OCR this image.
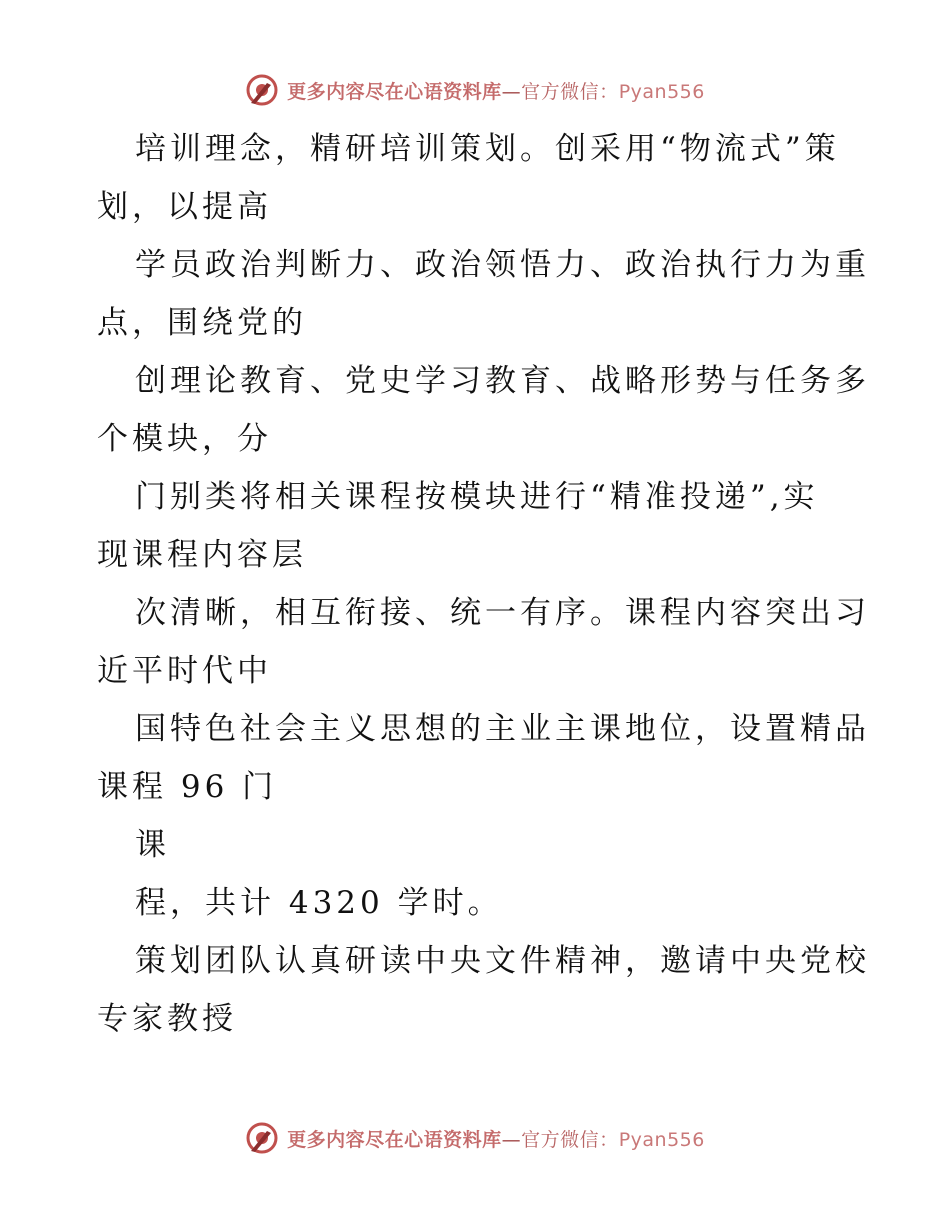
更多内容尽在心语资料库—官方微信：Pyan556
培训理念，精研培训策划。创采用“物流式”策
划，以提高
学员政治判断力、政治领悟力、政治执行力为重
点，围绕党的
创理论教育、党史学习教育、战略形势与任务多
个模块，分
门别类将相关课程按模块进行“精准投递”,实
现课程内容层
次清晰，相互衔接、统一有序。课程内容突出习
近平时代中
国特色社会主义思想的主业主课地位，设置精品
课程 96 门
课
程，共计 4320 学时。
策划团队认真研读中央文件精神，邀请中央党校
专家教授
更多内容尽在心语资料库—官方微信：Pyan556
